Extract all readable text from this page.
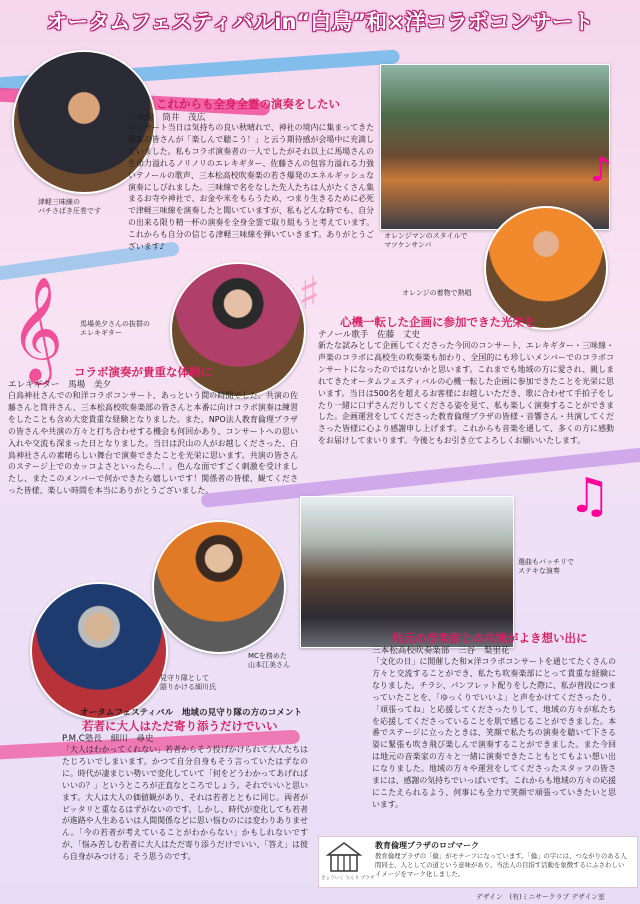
オータムフェスティバルin“白鳥”和×洋コラボコンサート
津軽三味線の
バチさばき圧巻です
これからも全身全霊の演奏をしたい
三味線　筒井　茂広
コンサート当日は気持ちの良い秋晴れで、神社の境内に集まってきた聴衆の皆さんが「楽しんで聴こう！」と云う期待感が会場中に充満していました。私もコラボ演奏者の一人でしたがそれ以上に馬場さんの生命力溢れるノリノリのエレキギター、佐藤さんの包容力溢れる力強いテノールの歌声、三本松高校吹奏楽の若さ爆発のエネルギッシュな演奏にしびれました。三味線で名をなした先人たちは人がたくさん集まるお寺や神社で、お金や米をもらうため、つまり生きるために必死で津軽三味線を演奏したと聞いていますが、私もどんな時でも、自分の出来る限り精一杯の演奏を全身全霊で取り組もうと考えています。これからも自分の信じる津軽三味線を弾いていきます。ありがとうございます♪
オレンジマンのスタイルで
マツケンサンバ
オレンジの着物で熱唱
馬場美夕さんの抜群の
エレキギター
𝄞
♪
♫
♯
コラボ演奏が貴重な体験に
エレキギター　馬場　美夕
白鳥神社さんでの和洋コラボコンサート、あっという間の時間でした。共演の佐藤さんと筒井さん、三本松高校吹奏楽部の皆さんと本番に向けコラボ演奏は練習をしたことも含め大変貴重な経験となりました。また、NPO法人教育倫理プラザの皆さんや共演の方々と打ち合わせする機会も何回かあり、コンサートへの思い入れや交流も深まった日となりました。当日は沢山の人がお越しくださった、白鳥神社さんの素晴らしい舞台で演奏できたことを光栄に思います。共演の皆さんのステージ上でのカッコよさといったら…！。色んな面ですごく刺激を受けましたし、またこのメンバーで何かできたら嬉しいです！関係者の皆様、観てくださった皆様、楽しい時間を本当にありがとうございました。
心機一転した企画に参加できた光栄を
テノール歌手　佐藤　丈史
新たな試みとして企画してくださった今回のコンサート、エレキギター・三味線・声楽のコラボに高校生の吹奏楽も加わり、全国的にも珍しいメンバーでのコラボコンサートになったのではないかと思います。これまでも地域の方に愛され、親しまれてきたオータムフェスティバルの心機一転した企画に参加できたことを光栄に思います。当日は500名を超えるお客様にお越しいただき、歌に合わせて手拍子をしたり一緒に口ずさんだりしてくださる姿を見て、私も楽しく演奏することができました。企画運営をしてくださった教育倫理プラザの皆様・音響さん・共演してくださった皆様に心より感謝申し上げます。これからも音楽を通して、多くの方に感動をお届けしてまいります。今後ともお引き立てよろしくお願いいたします。
選曲もバッチリで
ステキな演奏
MCを務めた
山本江美さん
見守り隊として
語りかける細川氏
地元の音楽家との共演がよき想い出に
三本松高校吹奏楽部　三谷　梨里花
「文化の日」に開催した和×洋コラボコンサートを通じてたくさんの方々と交流することができ、私たち吹奏楽部にとって貴重な経験になりました。チラシ、パンフレット配りをした際に、私が普段につまっていたことを、「ゆっくりでいいよ」と声をかけてくださったり、「頑張ってね」と応援してくださったりして、地域の方々が私たちを応援してくださっていることを肌で感じることができました。本番でステージに立ったときは、笑顔で私たちの演奏を聴いて下さる姿に緊張も吹き飛び楽しんで演奏することができました。また今回は地元の音楽家の方々と一緒に演奏できたこともとてもよい想い出になりました。地域の方々や運営をしてくださったスタッフの皆さまには、感謝の気持ちでいっぱいです。これからも地域の方々の応援にこたえられるよう、何事にも全力で笑顔で頑張っていきたいと思います。
オータムフェスティバル　地域の見守り隊の方のコメント
若者に大人はただ寄り添うだけでいい
P.M.C塾長　細川　尋史
「大人はわかってくれない」若者からそう投げかけられて大人たちはたじろいでしまいます。かつて自分自身もそう言っていたはずなのに。時代が凄まじい勢いで変化していて「何をどうわかってあげればいいの？」というところが正直なところでしょう。それでいいと思います。大人は大人の価値観があり、それは若者とともに同じ。両者がピッタリと重なるはずがないのです。しかし、時代が変化しても若者が進路や人生あるいは人間関係などに思い悩むのには変わりありません。「今の若者が考えていることがわからない」かもしれないですが、「悩み苦しむ若者に大人はただ寄り添うだけでいい、「答え」は彼ら自身がみつける」そう思うのです。
きょういく りんり プラザ
教育倫理プラザのロゴマーク
教育倫理プラザの「倫」がモチーフになっています。「倫」の字には、つながりのある人間同士、人としての道という意味があり、当法人の目指す活動を象徴するにふさわしいイメージをマーク化しました。
デザイン　(有)ミニサークラブ デザイン室
